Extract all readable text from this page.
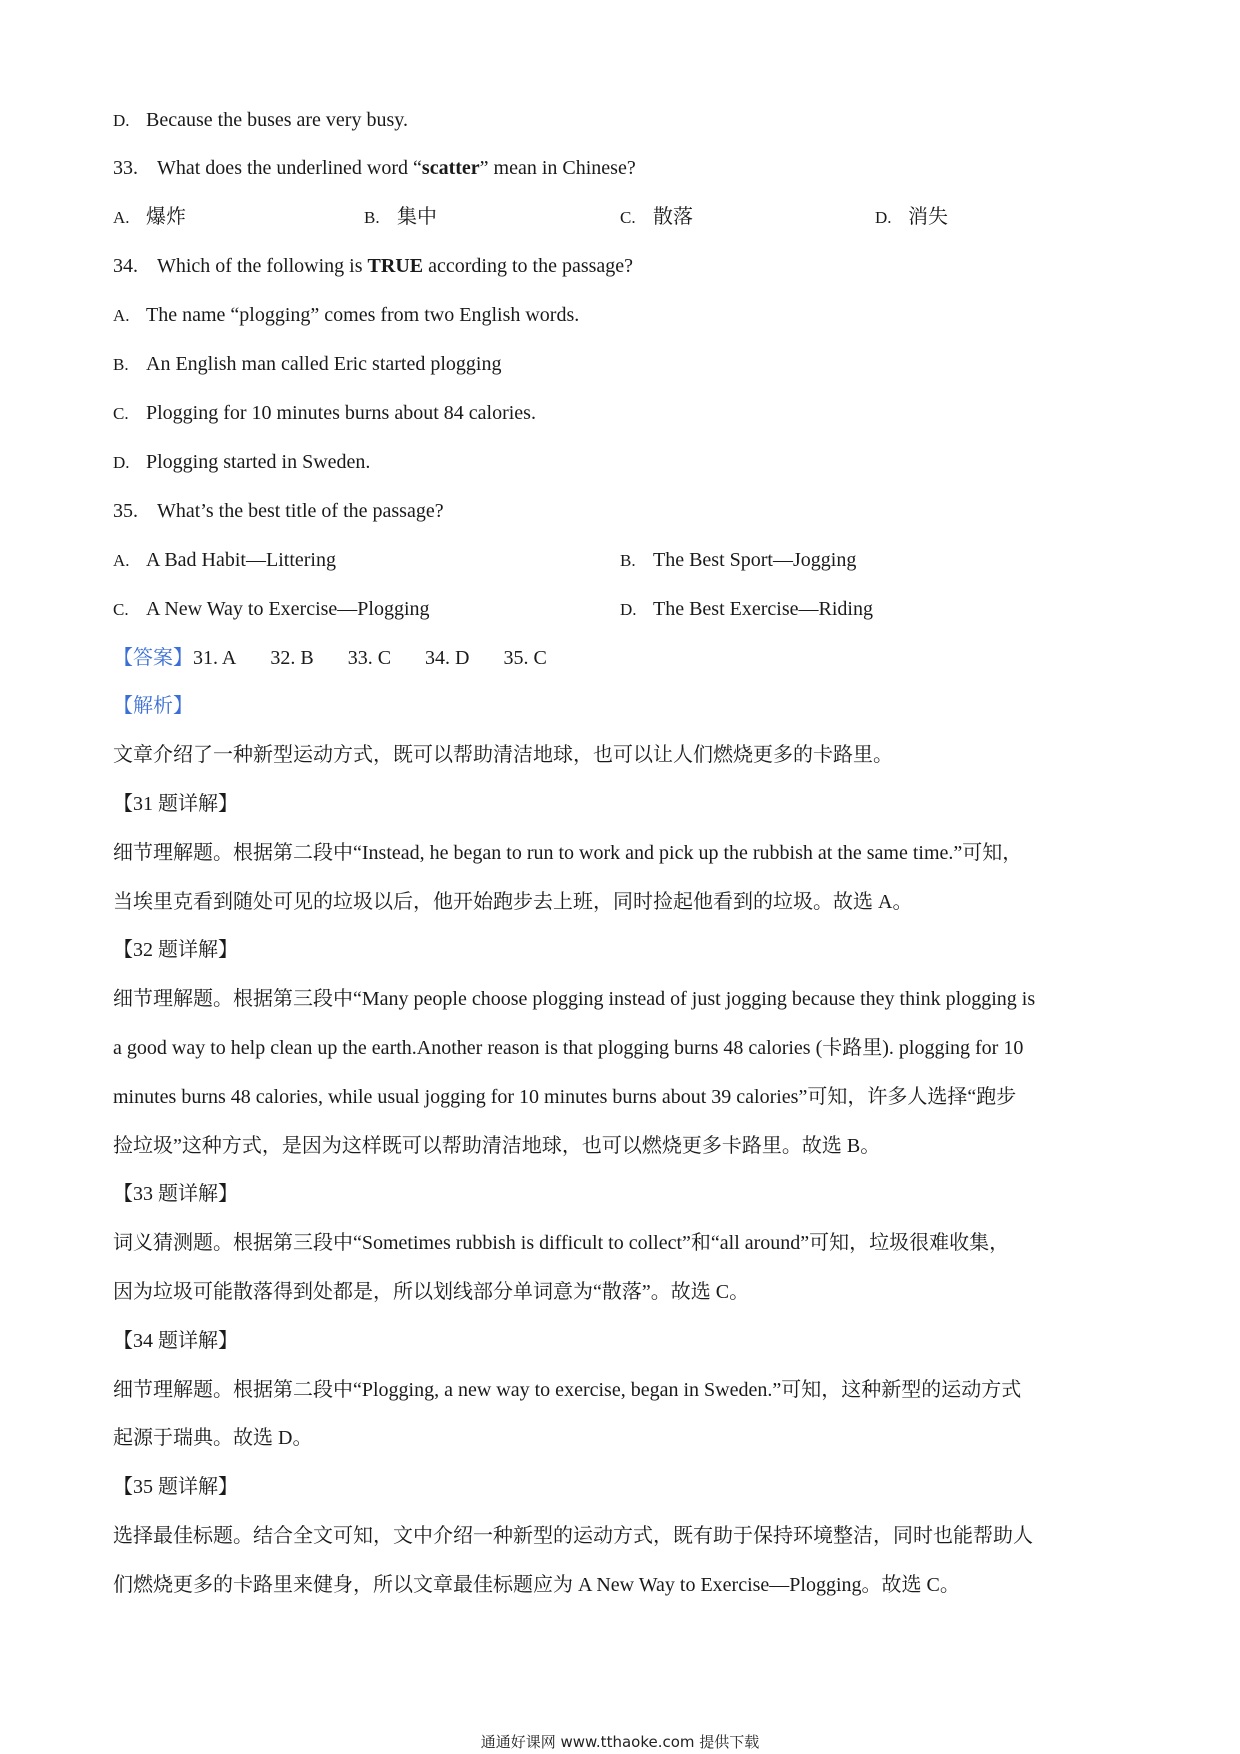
D. Because the buses are very busy.
33. What does the underlined word “scatter” mean in Chinese?
A. 爆炸	B. 集中	C. 散落	D. 消失
34. Which of the following is TRUE according to the passage?
A. The name “plogging” comes from two English words.
B. An English man called Eric started plogging
C. Plogging for 10 minutes burns about 84 calories.
D. Plogging started in Sweden.
35. What’s the best title of the passage?
A. A Bad Habit—Littering	B. The Best Sport—Jogging
C. A New Way to Exercise—Plogging	D. The Best Exercise—Riding
【答案】31. A 32. B 33. C 34. D 35. C
【解析】
文章介绍了一种新型运动方式，既可以帮助清洁地球，也可以让人们燃烧更多的卡路里。
【31 题详解】
细节理解题。根据第二段中“Instead, he began to run to work and pick up the rubbish at the same time.”可知，
当埃里克看到随处可见的垃圾以后，他开始跑步去上班，同时捡起他看到的垃圾。故选 A。
【32 题详解】
细节理解题。根据第三段中“Many people choose plogging instead of just jogging because they think plogging is
a good way to help clean up the earth.Another reason is that plogging burns 48 calories (卡路里). plogging for 10
minutes burns 48 calories, while usual jogging for 10 minutes burns about 39 calories”可知，许多人选择“跑步
捡垃圾”这种方式，是因为这样既可以帮助清洁地球，也可以燃烧更多卡路里。故选 B。
【33 题详解】
词义猜测题。根据第三段中“Sometimes rubbish is difficult to collect”和“all around”可知，垃圾很难收集，
因为垃圾可能散落得到处都是，所以划线部分单词意为“散落”。故选 C。
【34 题详解】
细节理解题。根据第二段中“Plogging, a new way to exercise, began in Sweden.”可知，这种新型的运动方式
起源于瑞典。故选 D。
【35 题详解】
选择最佳标题。结合全文可知，文中介绍一种新型的运动方式，既有助于保持环境整洁，同时也能帮助人
们燃烧更多的卡路里来健身，所以文章最佳标题应为 A New Way to Exercise—Plogging。故选 C。
通通好课网 www.tthaoke.com 提供下载
